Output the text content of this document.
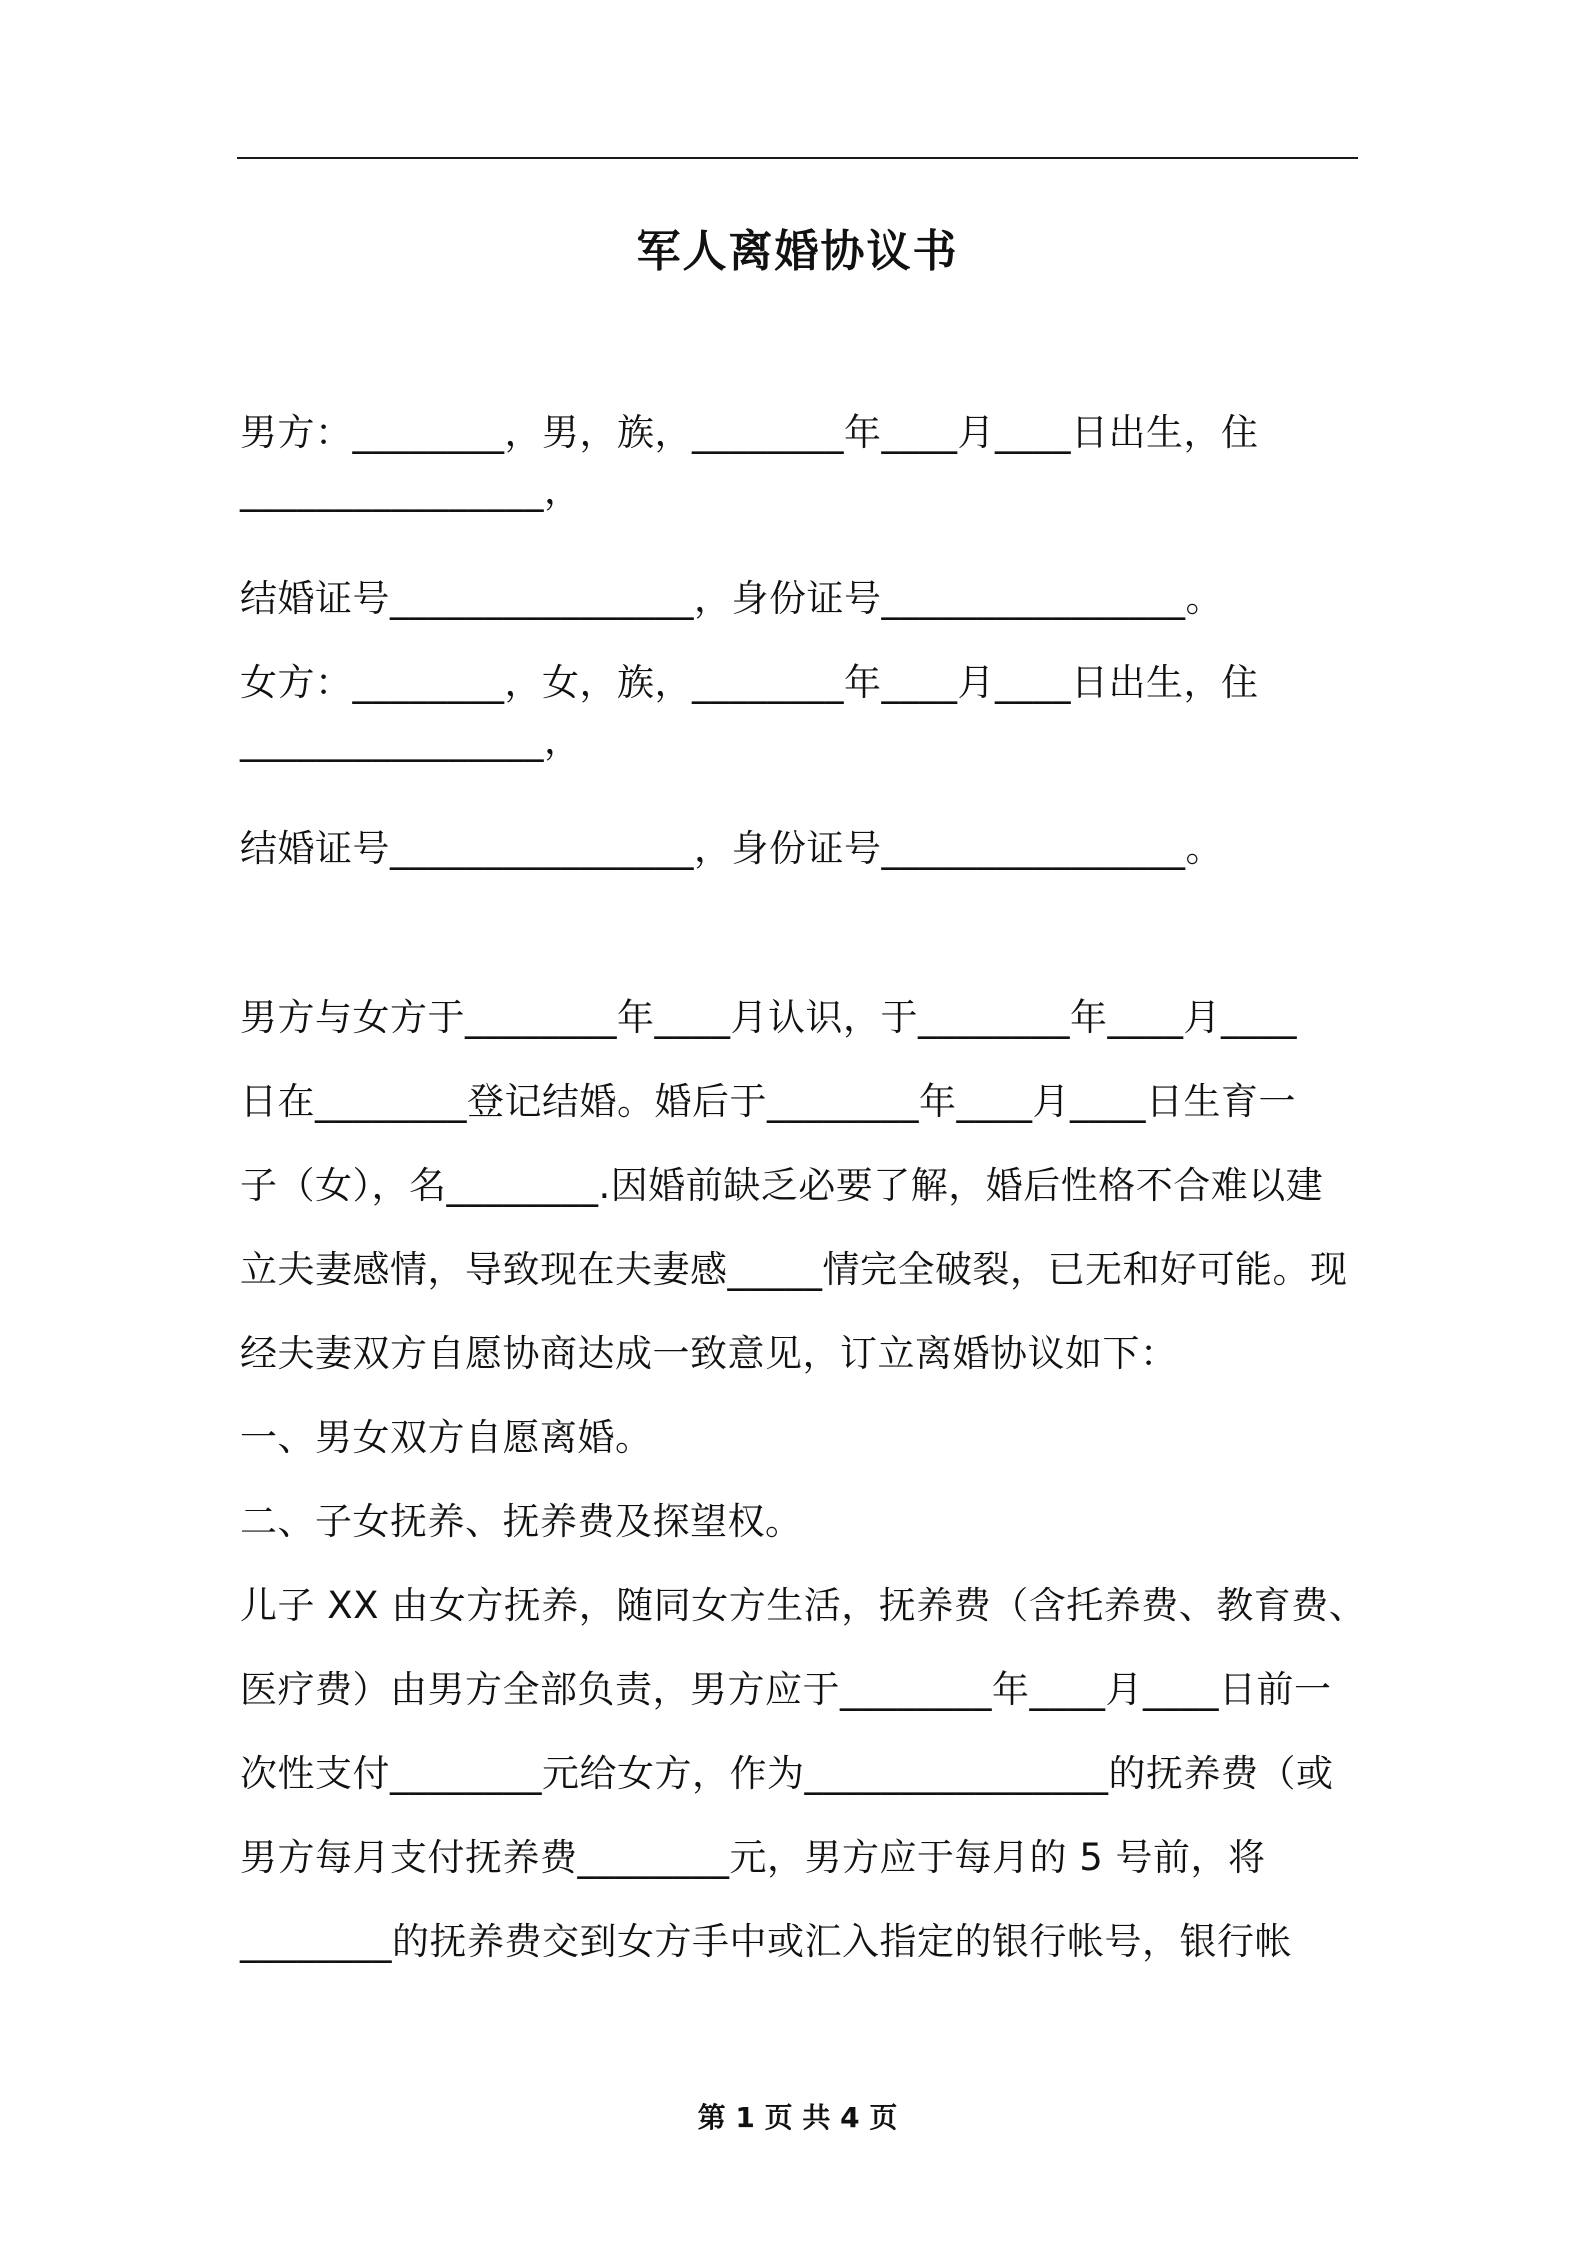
军人离婚协议书

男方：________，男，族，________年____月____日出生，住

________________，

结婚证号________________，身份证号________________。

女方：________，女，族，________年____月____日出生，住

________________，

结婚证号________________，身份证号________________。

男方与女方于________年____月认识，于________年____月____

日在________登记结婚。婚后于________年____月____日生育一

子（女），名________.因婚前缺乏必要了解，婚后性格不合难以建

立夫妻感情，导致现在夫妻感_____情完全破裂，已无和好可能。现

经夫妻双方自愿协商达成一致意见，订立离婚协议如下：

一、男女双方自愿离婚。

二、子女抚养、抚养费及探望权。

儿子 XX 由女方抚养，随同女方生活，抚养费（含托养费、教育费、

医疗费）由男方全部负责，男方应于________年____月____日前一

次性支付________元给女方，作为________________的抚养费（或

男方每月支付抚养费________元，男方应于每月的 5 号前，将

________的抚养费交到女方手中或汇入指定的银行帐号，银行帐

第 1 页 共 4 页
